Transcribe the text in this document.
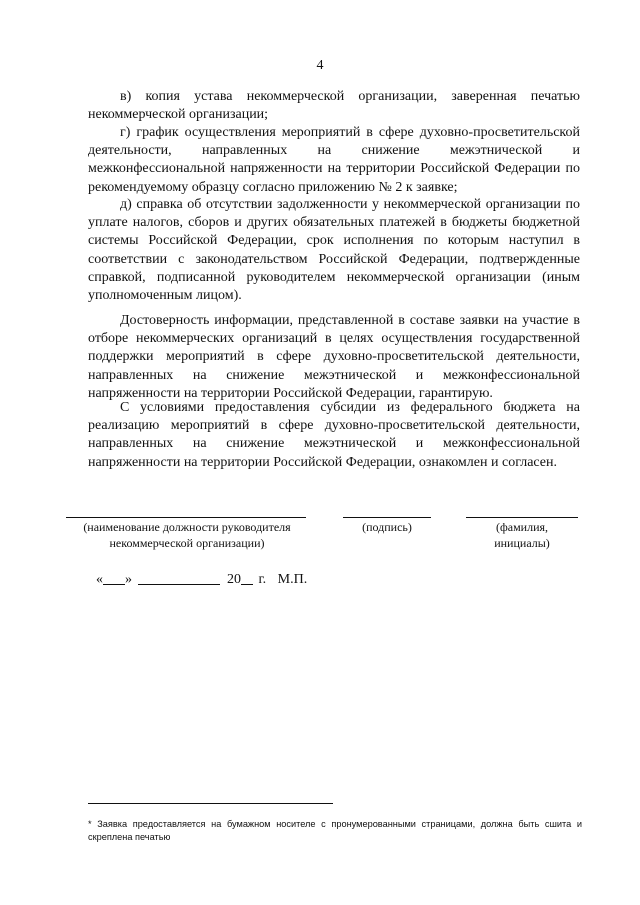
4

в) копия устава некоммерческой организации, заверенная печатью некоммерческой организации;

г) график осуществления мероприятий в сфере духовно-просветительской деятельности, направленных на снижение межэтнической и межконфессиональной напряженности на территории Российской Федерации по рекомендуемому образцу согласно приложению № 2 к заявке;

д) справка об отсутствии задолженности у некоммерческой организации по уплате налогов, сборов и других обязательных платежей в бюджеты бюджетной системы Российской Федерации, срок исполнения по которым наступил в соответствии с законодательством Российской Федерации, подтвержденные справкой, подписанной руководителем некоммерческой организации (иным уполномоченным лицом).

Достоверность информации, представленной в составе заявки на участие в отборе некоммерческих организаций в целях осуществления государственной поддержки мероприятий в сфере духовно-просветительской деятельности, направленных на снижение межэтнической и межконфессиональной напряженности на территории Российской Федерации, гарантирую.

С условиями предоставления субсидии из федерального бюджета на реализацию мероприятий в сфере духовно-просветительской деятельности, направленных на снижение межэтнической и межконфессиональной напряженности на территории Российской Федерации, ознакомлен и согласен.

(наименование должности руководителя
некоммерческой организации)
(подпись)	(фамилия,
инициалы)
« »	20 г. М.П.

* Заявка предоставляется на бумажном носителе с пронумерованными страницами, должна быть сшита и скреплена печатью
